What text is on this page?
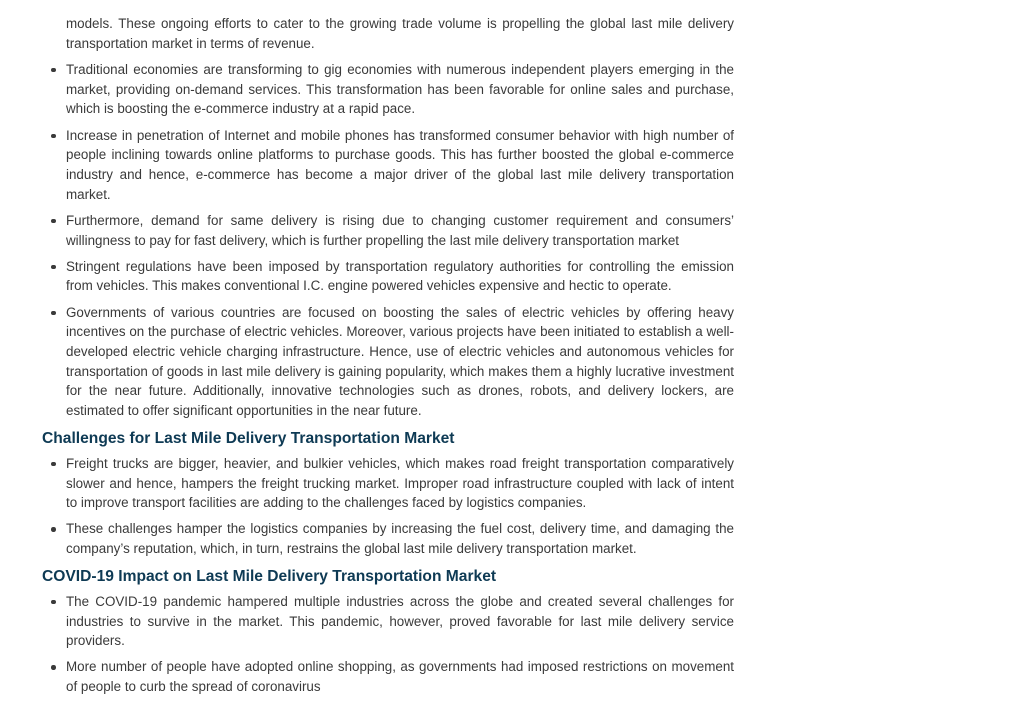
models. These ongoing efforts to cater to the growing trade volume is propelling the global last mile delivery transportation market in terms of revenue.

Traditional economies are transforming to gig economies with numerous independent players emerging in the market, providing on-demand services. This transformation has been favorable for online sales and purchase, which is boosting the e-commerce industry at a rapid pace.
Increase in penetration of Internet and mobile phones has transformed consumer behavior with high number of people inclining towards online platforms to purchase goods. This has further boosted the global e-commerce industry and hence, e-commerce has become a major driver of the global last mile delivery transportation market.
Furthermore, demand for same delivery is rising due to changing customer requirement and consumers’ willingness to pay for fast delivery, which is further propelling the last mile delivery transportation market
Stringent regulations have been imposed by transportation regulatory authorities for controlling the emission from vehicles. This makes conventional I.C. engine powered vehicles expensive and hectic to operate.
Governments of various countries are focused on boosting the sales of electric vehicles by offering heavy incentives on the purchase of electric vehicles. Moreover, various projects have been initiated to establish a well-developed electric vehicle charging infrastructure. Hence, use of electric vehicles and autonomous vehicles for transportation of goods in last mile delivery is gaining popularity, which makes them a highly lucrative investment for the near future. Additionally, innovative technologies such as drones, robots, and delivery lockers, are estimated to offer significant opportunities in the near future.
Challenges for Last Mile Delivery Transportation Market
Freight trucks are bigger, heavier, and bulkier vehicles, which makes road freight transportation comparatively slower and hence, hampers the freight trucking market. Improper road infrastructure coupled with lack of intent to improve transport facilities are adding to the challenges faced by logistics companies.
These challenges hamper the logistics companies by increasing the fuel cost, delivery time, and damaging the company’s reputation, which, in turn, restrains the global last mile delivery transportation market.
COVID-19 Impact on Last Mile Delivery Transportation Market
The COVID-19 pandemic hampered multiple industries across the globe and created several challenges for industries to survive in the market. This pandemic, however, proved favorable for last mile delivery service providers.
More number of people have adopted online shopping, as governments had imposed restrictions on movement of people to curb the spread of coronavirus
